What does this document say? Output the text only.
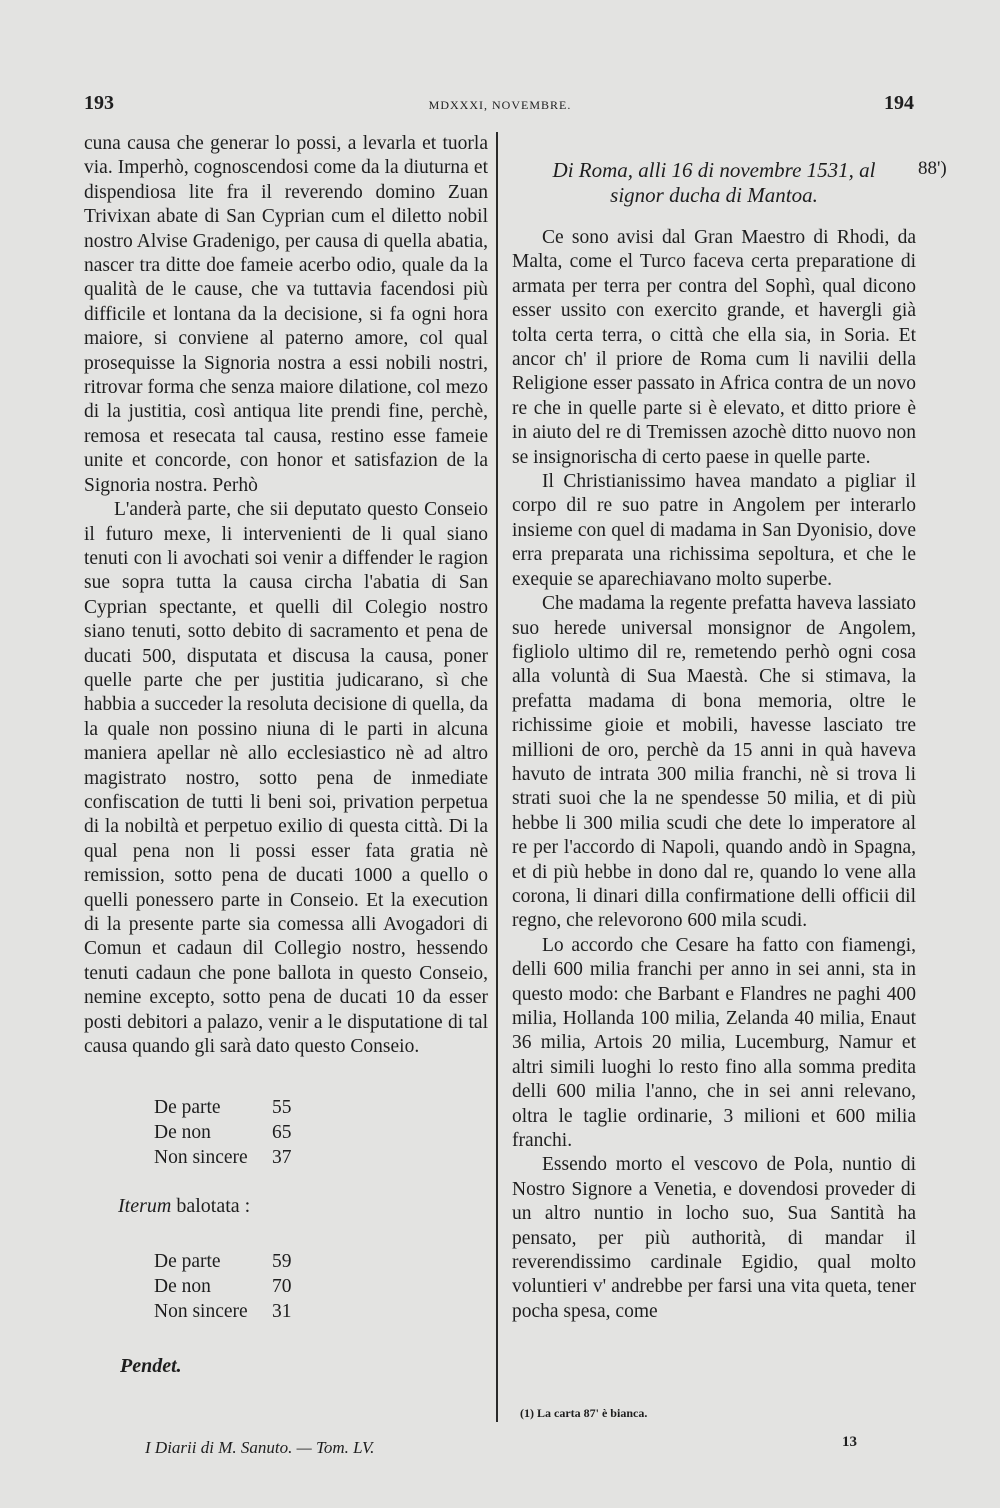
193	MDXXXI, NOVEMBRE.	194

cuna causa che generar lo possi, a levarla et tuorla via. Imperhò, cognoscendosi come da la diuturna et dispendiosa lite fra il reverendo domino Zuan Trivixan abate di San Cyprian cum el diletto nobil nostro Alvise Gradenigo, per causa di quella abatia, nascer tra ditte doe fameie acerbo odio, quale da la qualità de le cause, che va tuttavia facendosi più difficile et lontana da la decisione, si fa ogni hora maiore, si conviene al paterno amore, col qual prosequisse la Signoria nostra a essi nobili nostri, ritrovar forma che senza maiore dilatione, col mezo di la justitia, così antiqua lite prendi fine, perchè, remosa et resecata tal causa, restino esse fameie unite et concorde, con honor et satisfazion de la Signoria nostra. Perhò

L'anderà parte, che sii deputato questo Conseio il futuro mexe, li intervenienti de li qual siano tenuti con li avochati soi venir a diffender le ragion sue sopra tutta la causa circha l'abatia di San Cyprian spectante, et quelli dil Colegio nostro siano tenuti, sotto debito di sacramento et pena de ducati 500, disputata et discusa la causa, poner quelle parte che per justitia judicarano, sì che habbia a succeder la resoluta decisione di quella, da la quale non possino niuna di le parti in alcuna maniera apellar nè allo ecclesiastico nè ad altro magistrato nostro, sotto pena de inmediate confiscation de tutti li beni soi, privation perpetua di la nobiltà et perpetuo exilio di questa città. Di la qual pena non li possi esser fata gratia nè remission, sotto pena de ducati 1000 a quello o quelli ponessero parte in Conseio. Et la execution di la presente parte sia comessa alli Avogadori di Comun et cadaun dil Collegio nostro, hessendo tenuti cadaun che pone ballota in questo Conseio, nemine excepto, sotto pena de ducati 10 da esser posti debitori a palazo, venir a le disputatione di tal causa quando gli sarà dato questo Conseio.

De parte	55
De non	65
Non sincere	37
Iterum balotata :
De parte	59
De non	70
Non sincere	31
Pendet.
Di Roma, alli 16 di novembre 1531, al
signor ducha di Mantoa.

Ce sono avisi dal Gran Maestro di Rhodi, da Malta, come el Turco faceva certa preparatione di armata per terra per contra del Sophì, qual dicono esser ussito con exercito grande, et havergli già tolta certa terra, o città che ella sia, in Soria. Et ancor ch' il priore de Roma cum li navilii della Religione esser passato in Africa contra de un novo re che in quelle parte si è elevato, et ditto priore è in aiuto del re di Tremissen azochè ditto nuovo non se insignorischa di certo paese in quelle parte.

Il Christianissimo havea mandato a pigliar il corpo dil re suo patre in Angolem per interarlo insieme con quel di madama in San Dyonisio, dove erra preparata una richissima sepoltura, et che le exequie se aparechiavano molto superbe.

Che madama la regente prefatta haveva lassiato suo herede universal monsignor de Angolem, figliolo ultimo dil re, remetendo perhò ogni cosa alla voluntà di Sua Maestà. Che si stimava, la prefatta madama di bona memoria, oltre le richissime gioie et mobili, havesse lasciato tre millioni de oro, perchè da 15 anni in quà haveva havuto de intrata 300 milia franchi, nè si trova li strati suoi che la ne spendesse 50 milia, et di più hebbe li 300 milia scudi che dete lo imperatore al re per l'accordo di Napoli, quando andò in Spagna, et di più hebbe in dono dal re, quando lo vene alla corona, li dinari dilla confirmatione delli officii dil regno, che relevorono 600 mila scudi.

Lo accordo che Cesare ha fatto con fiamengi, delli 600 milia franchi per anno in sei anni, sta in questo modo: che Barbant e Flandres ne paghi 400 milia, Hollanda 100 milia, Zelanda 40 milia, Enaut 36 milia, Artois 20 milia, Lucemburg, Namur et altri simili luoghi lo resto fino alla somma predita delli 600 milia l'anno, che in sei anni relevano, oltra le taglie ordinarie, 3 milioni et 600 milia franchi.

Essendo morto el vescovo de Pola, nuntio di Nostro Signore a Venetia, e dovendosi proveder di un altro nuntio in locho suo, Sua Santità ha pensato, per più authorità, di mandar il reverendissimo cardinale Egidio, qual molto voluntieri v' andrebbe per farsi una vita queta, tener pocha spesa, come

88')
(1) La carta 87' è bianca.
I Diarii di M. Sanuto. — Tom. LV.	13
